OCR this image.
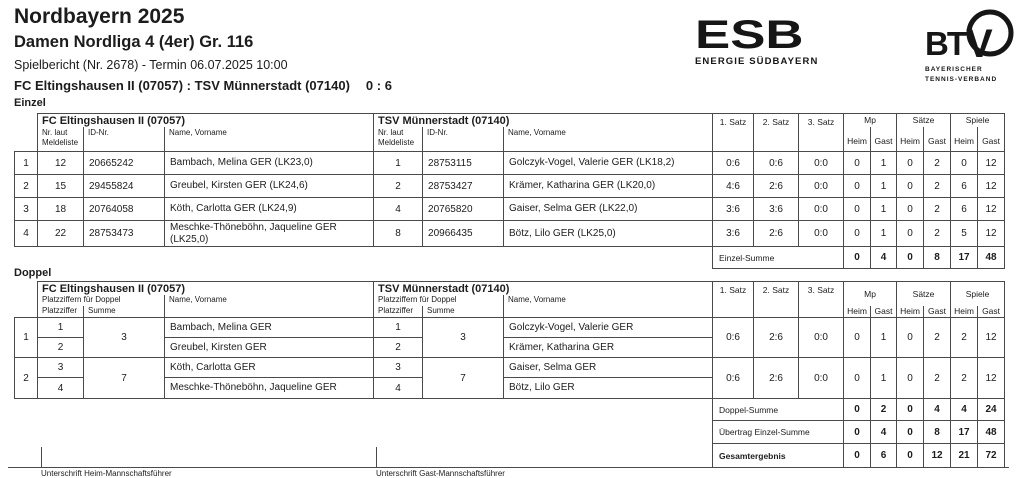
Nordbayern 2025
Damen Nordliga 4 (4er) Gr. 116
Spielbericht (Nr. 2678) - Termin 06.07.2025 10:00
FC Eltingshausen II (07057) : TSV Münnerstadt (07140) 0 : 6
ESB
ENERGIE SÜDBAYERN	BT V
BAYERISCHER
TENNIS-VERBAND
Einzel
	FC Eltingshausen II (07057)			TSV Münnerstadt (07140)			1. Satz	2. Satz	3. Satz	Mp		Sätze		Spiele	
	Nr. laut Meldeliste	ID-Nr.	Name, Vorname	Nr. laut Meldeliste	ID-Nr.	Name, Vorname				Heim	Gast	Heim	Gast	Heim	Gast
1	12	20665242	Bambach, Melina GER (LK23,0)	1	28753115	Golczyk-Vogel, Valerie GER (LK18,2)	0:6	0:6	0:0	0	1	0	2	0	12
2	15	29455824	Greubel, Kirsten GER (LK24,6)	2	28753427	Krämer, Katharina GER (LK20,0)	4:6	2:6	0:0	0	1	0	2	6	12
3	18	20764058	Köth, Carlotta GER (LK24,9)	4	20765820	Gaiser, Selma GER (LK22,0)	3:6	3:6	0:0	0	1	0	2	6	12
4	22	28753473	Meschke-Thöneböhn, Jaqueline GER (LK25,0)	8	20966435	Bötz, Lilo GER (LK25,0)	3:6	2:6	0:0	0	1	0	2	5	12
							Einzel-Summe			0	4	0	8	17	48
Doppel
	FC Eltingshausen II (07057)			TSV Münnerstadt (07140)			1. Satz	2. Satz	3. Satz	Mp		Sätze		Spiele	
	Platzziffern für Doppel		Name, Vorname	Platzziffern für Doppel		Name, Vorname									
	Platzziffer	Summe		Platzziffer	Summe					Heim	Gast	Heim	Gast	Heim	Gast
1	1	3	Bambach, Melina GER	1	3	Golczyk-Vogel, Valerie GER	0:6	2:6	0:0	0	1	0	2	2	12
	2		Greubel, Kirsten GER	2		Krämer, Katharina GER									
2	3	7	Köth, Carlotta GER	3	7	Gaiser, Selma GER	0:6	2:6	0:0	0	1	0	2	2	12
	4		Meschke-Thöneböhn, Jaqueline GER	4		Bötz, Lilo GER									
							Doppel-Summe			0	2	0	4	4	24
							Übertrag Einzel-Summe			0	4	0	8	17	48
							Gesamtergebnis			0	6	0	12	21	72
Unterschrift Heim-Mannschaftsführer	Unterschrift Gast-Mannschaftsführer
